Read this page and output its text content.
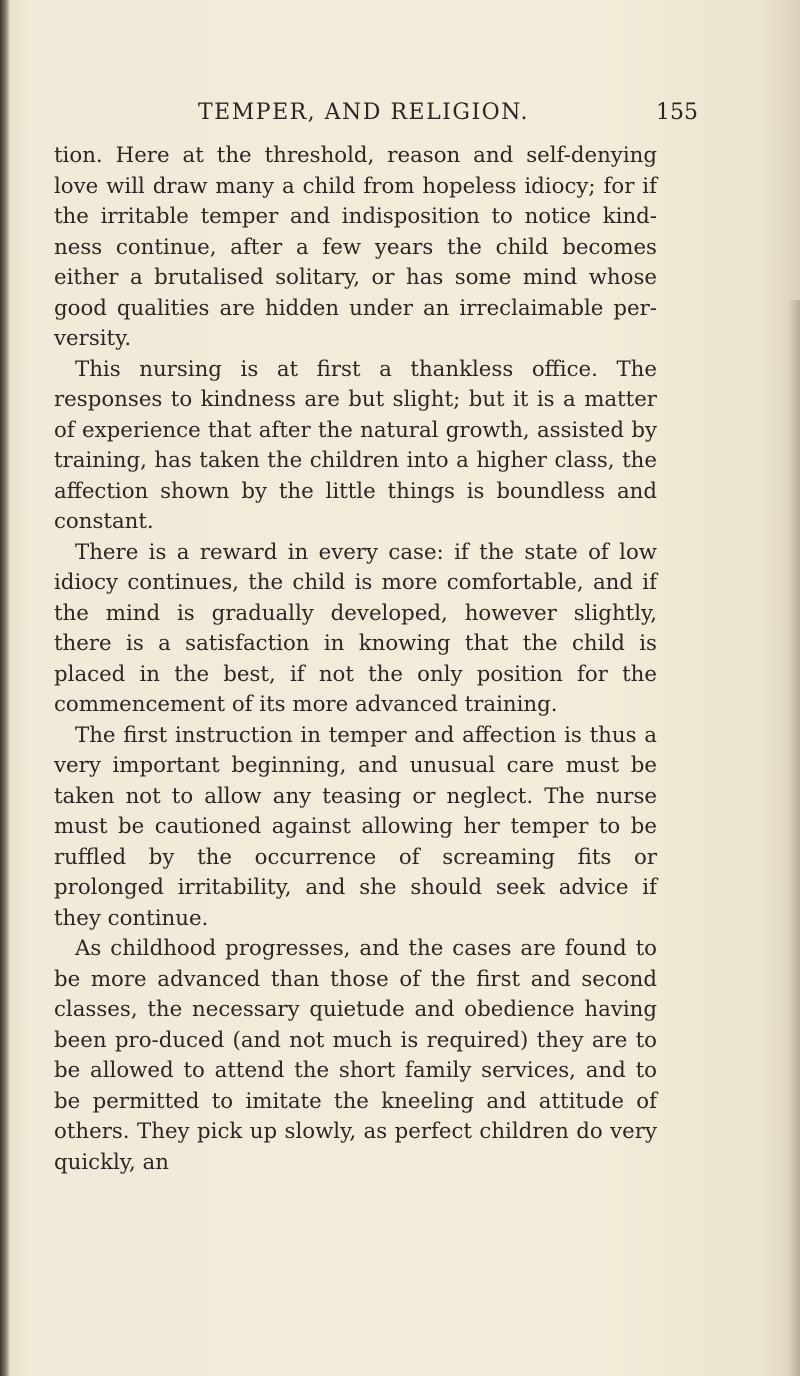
TEMPER, AND RELIGION.	155

tion. Here at the threshold, reason and self-denying love will draw many a child from hopeless idiocy; for if the irritable temper and indisposition to notice kind-ness continue, after a few years the child becomes either a brutalised solitary, or has some mind whose good qualities are hidden under an irreclaimable per-versity.

This nursing is at first a thankless office. The responses to kindness are but slight; but it is a matter of experience that after the natural growth, assisted by training, has taken the children into a higher class, the affection shown by the little things is boundless and constant.

There is a reward in every case: if the state of low idiocy continues, the child is more comfortable, and if the mind is gradually developed, however slightly, there is a satisfaction in knowing that the child is placed in the best, if not the only position for the commencement of its more advanced training.

The first instruction in temper and affection is thus a very important beginning, and unusual care must be taken not to allow any teasing or neglect. The nurse must be cautioned against allowing her temper to be ruffled by the occurrence of screaming fits or prolonged irritability, and she should seek advice if they continue.

As childhood progresses, and the cases are found to be more advanced than those of the first and second classes, the necessary quietude and obedience having been pro-duced (and not much is required) they are to be allowed to attend the short family services, and to be permitted to imitate the kneeling and attitude of others. They pick up slowly, as perfect children do very quickly, an
